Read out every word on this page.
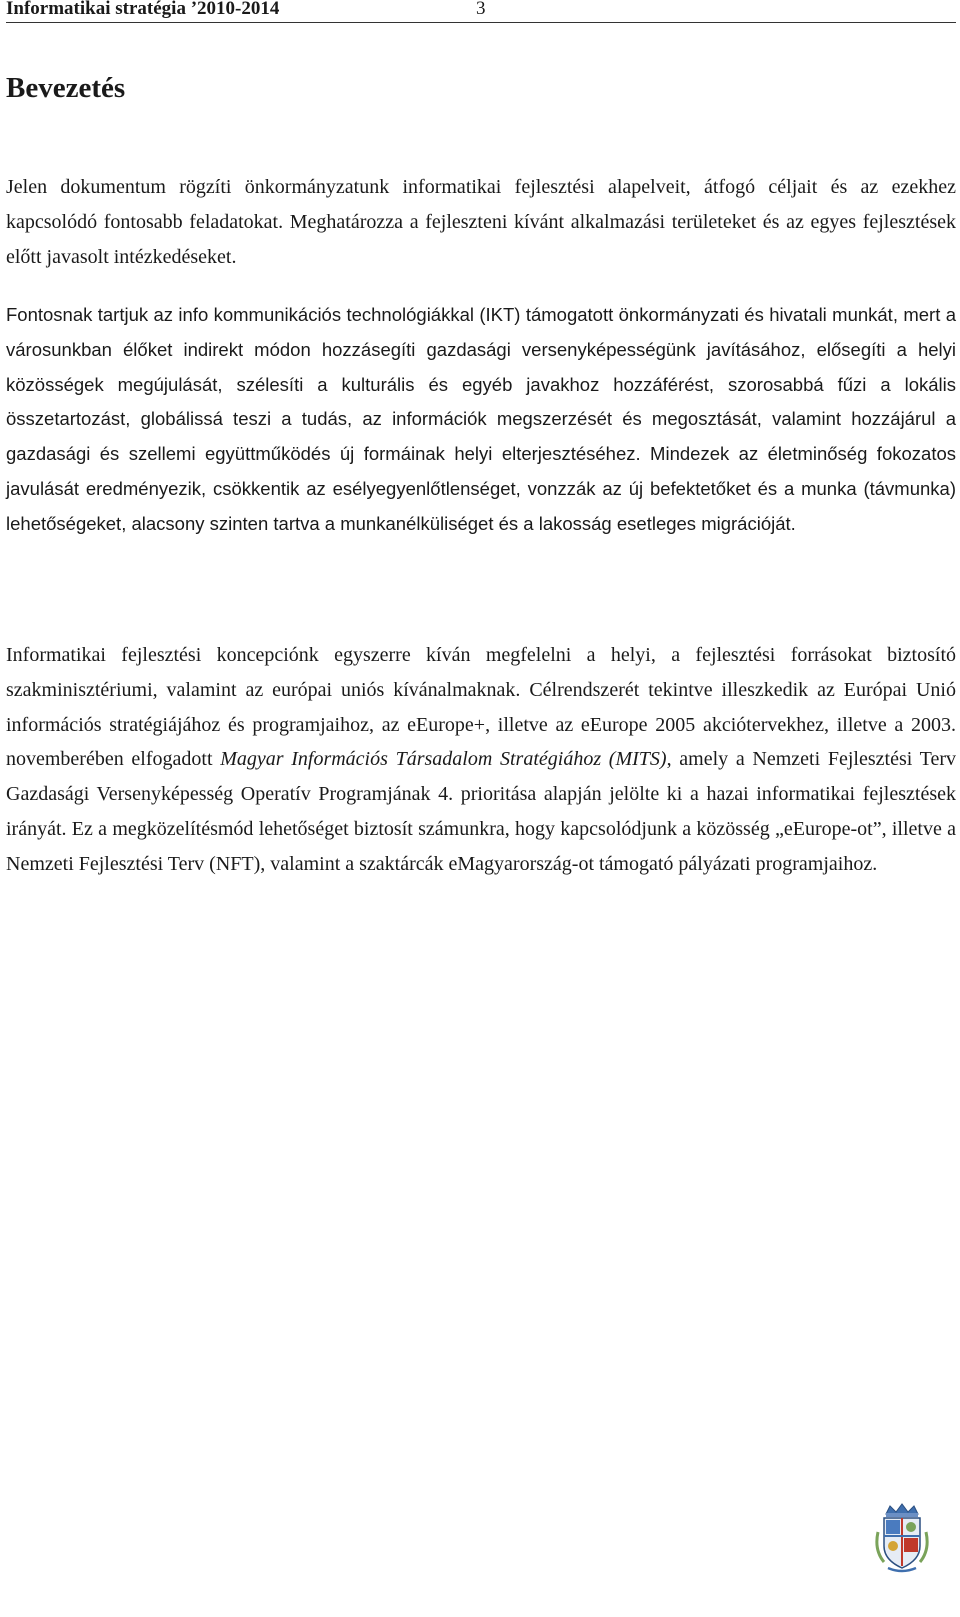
Informatikai stratégia ’2010-2014	3
Bevezetés

Jelen dokumentum rögzíti önkormányzatunk informatikai fejlesztési alapelveit, átfogó céljait és az ezekhez kapcsolódó fontosabb feladatokat. Meghatározza a fejleszteni kívánt alkalmazási területeket és az egyes fejlesztések előtt javasolt intézkedéseket.

Fontosnak tartjuk az info kommunikációs technológiákkal (IKT) támogatott önkormányzati és hivatali munkát, mert a városunkban élőket indirekt módon hozzásegíti gazdasági versenyképességünk javításához, elősegíti a helyi közösségek megújulását, szélesíti a kulturális és egyéb javakhoz hozzáférést, szorosabbá fűzi a lokális összetartozást, globálissá teszi a tudás, az információk megszerzését és megosztását, valamint hozzájárul a gazdasági és szellemi együttműködés új formáinak helyi elterjesztéséhez. Mindezek az életminőség fokozatos javulását eredményezik, csökkentik az esélyegyenlőtlenséget, vonzzák az új befektetőket és a munka (távmunka) lehetőségeket, alacsony szinten tartva a munkanélküliséget és a lakosság esetleges migrációját.

Informatikai fejlesztési koncepciónk egyszerre kíván megfelelni a helyi, a fejlesztési forrásokat biztosító szakminisztériumi, valamint az európai uniós kívánalmaknak. Célrendszerét tekintve illeszkedik az Európai Unió információs stratégiájához és programjaihoz, az eEurope+, illetve az eEurope 2005 akciótervekhez, illetve a 2003. novemberében elfogadott Magyar Információs Társadalom Stratégiához (MITS), amely a Nemzeti Fejlesztési Terv Gazdasági Versenyképesség Operatív Programjának 4. prioritása alapján jelölte ki a hazai informatikai fejlesztések irányát. Ez a megközelítésmód lehetőséget biztosít számunkra, hogy kapcsolódjunk a közösség „eEurope-ot”, illetve a Nemzeti Fejlesztési Terv (NFT), valamint a szaktárcák eMagyarország-ot támogató pályázati programjaihoz.
